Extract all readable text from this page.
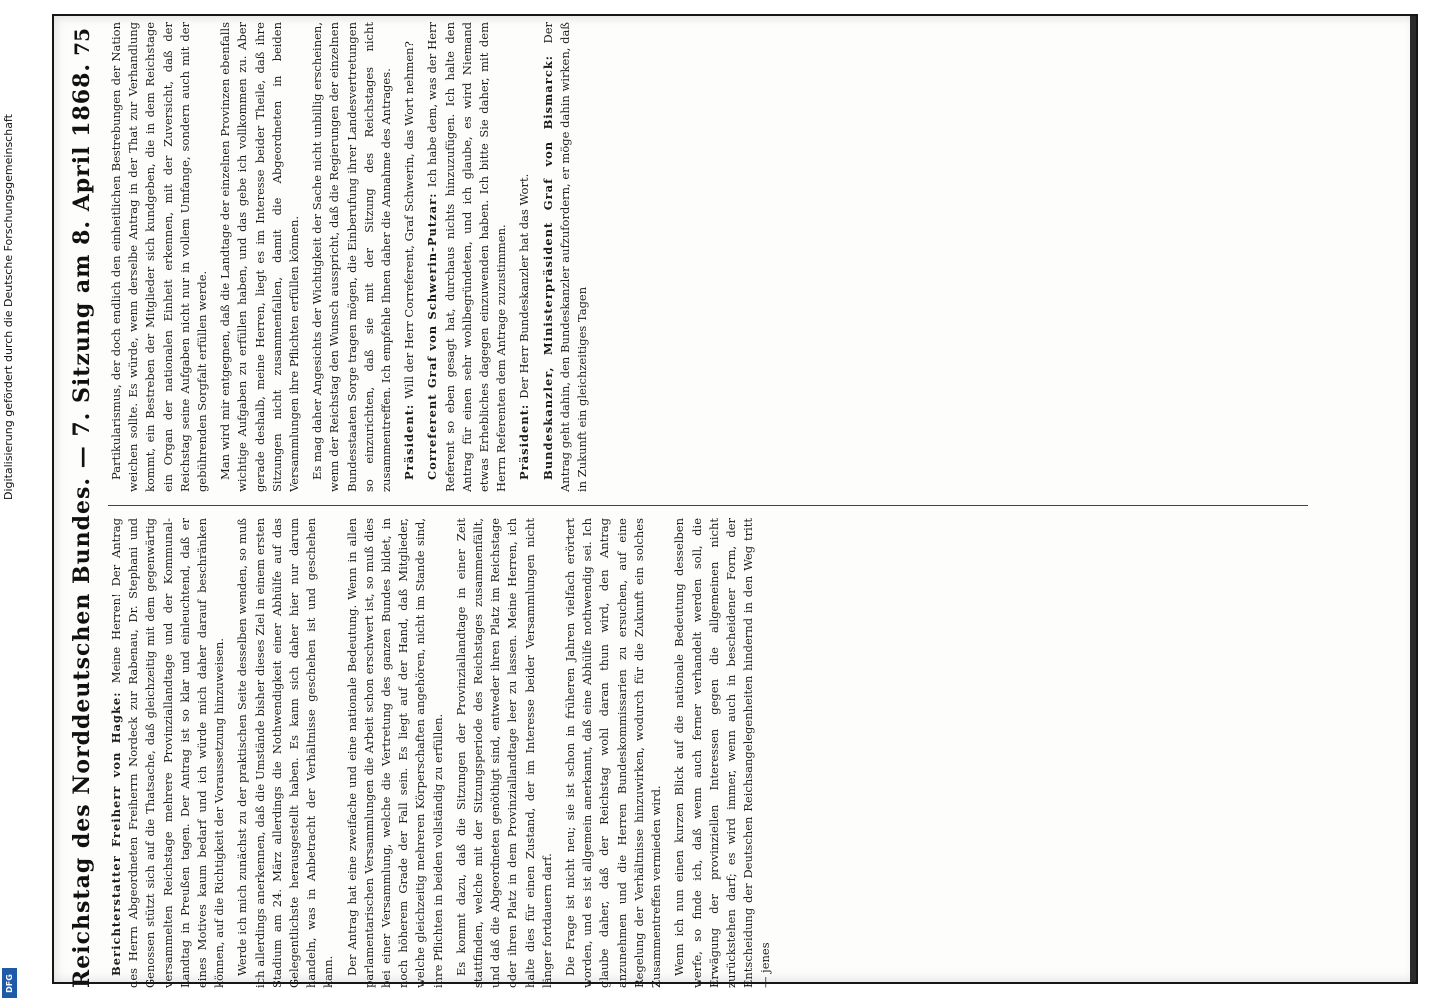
Digitalisierung gefördert durch die Deutsche Forschungsgemeinschaft
DFG Reichstag des Norddeutschen Bundes. — 7. Sitzung am 8. April 1868.
75

Berichterstatter Freiherr von Hagke: Meine Herren! Der Antrag des Herrn Abgeordneten Freiherrn Nordeck zur Rabenau, Dr. Stephani und Genossen stützt sich auf die Thatsache, daß gleichzeitig mit dem gegenwärtig versammelten Reichstage mehrere Provinziallandtage und der Kommunal-Landtag in Preußen tagen. Der Antrag ist so klar und einleuchtend, daß er eines Motives kaum bedarf und ich würde mich daher darauf beschränken können, auf die Richtigkeit der Voraussetzung hinzuweisen. Werde ich mich zunächst zu der praktischen Seite desselben wenden, so muß ich allerdings anerkennen, daß die Umstände bisher dieses Ziel in einem ersten Stadium am 24. März allerdings die Nothwendigkeit einer Abhülfe auf das Gelegentlichste herausgestellt haben. Es kann sich daher hier nur darum handeln, was in Anbetracht der Verhältnisse geschehen ist und geschehen kann. Der Antrag hat eine zweifache und eine nationale Bedeutung. Wenn in allen parlamentarischen Versammlungen die Arbeit schon erschwert ist, so muß dies bei einer Versammlung, welche die Vertretung des ganzen Bundes bildet, in noch höherem Grade der Fall sein. Es liegt auf der Hand, daß Mitglieder, welche gleichzeitig mehreren Körperschaften angehören, nicht im Stande sind, ihre Pflichten in beiden vollständig zu erfüllen. Es kommt dazu, daß die Sitzungen der Provinziallandtage in einer Zeit stattfinden, welche mit der Sitzungsperiode des Reichstages zusammenfällt, und daß die Abgeordneten genöthigt sind, entweder ihren Platz im Reichstage oder ihren Platz in dem Provinziallandtage leer zu lassen. Meine Herren, ich halte dies für einen Zustand, der im Interesse beider Versammlungen nicht länger fortdauern darf. Die Frage ist nicht neu; sie ist schon in früheren Jahren vielfach erörtert worden, und es ist allgemein anerkannt, daß eine Abhülfe nothwendig sei. Ich glaube daher, daß der Reichstag wohl daran thun wird, den Antrag anzunehmen und die Herren Bundeskommissarien zu ersuchen, auf eine Regelung der Verhältnisse hinzuwirken, wodurch für die Zukunft ein solches Zusammentreffen vermieden wird. Wenn ich nun einen kurzen Blick auf die nationale Bedeutung desselben werfe, so finde ich, daß wenn auch ferner verhandelt werden soll, die Erwägung der provinziellen Interessen gegen die allgemeinen nicht zurückstehen darf; es wird immer, wenn auch in bescheidener Form, der Entscheidung der Deutschen Reichsangelegenheiten hindernd in den Weg tritt — jenes

Partikularismus, der doch endlich den einheitlichen Bestrebungen der Nation weichen sollte. Es würde, wenn derselbe Antrag in der That zur Verhandlung kommt, ein Bestreben der Mitglieder sich kundgeben, die in dem Reichstage ein Organ der nationalen Einheit erkennen, mit der Zuversicht, daß der Reichstag seine Aufgaben nicht nur in vollem Umfange, sondern auch mit der gebührenden Sorgfalt erfüllen werde. Man wird mir entgegnen, daß die Landtage der einzelnen Provinzen ebenfalls wichtige Aufgaben zu erfüllen haben, und das gebe ich vollkommen zu. Aber gerade deshalb, meine Herren, liegt es im Interesse beider Theile, daß ihre Sitzungen nicht zusammenfallen, damit die Abgeordneten in beiden Versammlungen ihre Pflichten erfüllen können. Es mag daher Angesichts der Wichtigkeit der Sache nicht unbillig erscheinen, wenn der Reichstag den Wunsch ausspricht, daß die Regierungen der einzelnen Bundesstaaten Sorge tragen mögen, die Einberufung ihrer Landesvertretungen so einzurichten, daß sie mit der Sitzung des Reichstages nicht zusammentreffen. Ich empfehle Ihnen daher die Annahme des Antrages. Präsident: Will der Herr Correferent, Graf Schwerin, das Wort nehmen? Correferent Graf von Schwerin-Putzar: Ich habe dem, was der Herr Referent so eben gesagt hat, durchaus nichts hinzuzufügen. Ich halte den Antrag für einen sehr wohlbegründeten, und ich glaube, es wird Niemand etwas Erhebliches dagegen einzuwenden haben. Ich bitte Sie daher, mit dem Herrn Referenten dem Antrage zuzustimmen. Präsident: Der Herr Bundeskanzler hat das Wort. Bundeskanzler, Ministerpräsident Graf von Bismarck: Der Antrag geht dahin, den Bundeskanzler aufzufordern, er möge dahin wirken, daß in Zukunft ein gleichzeitiges Tagen
